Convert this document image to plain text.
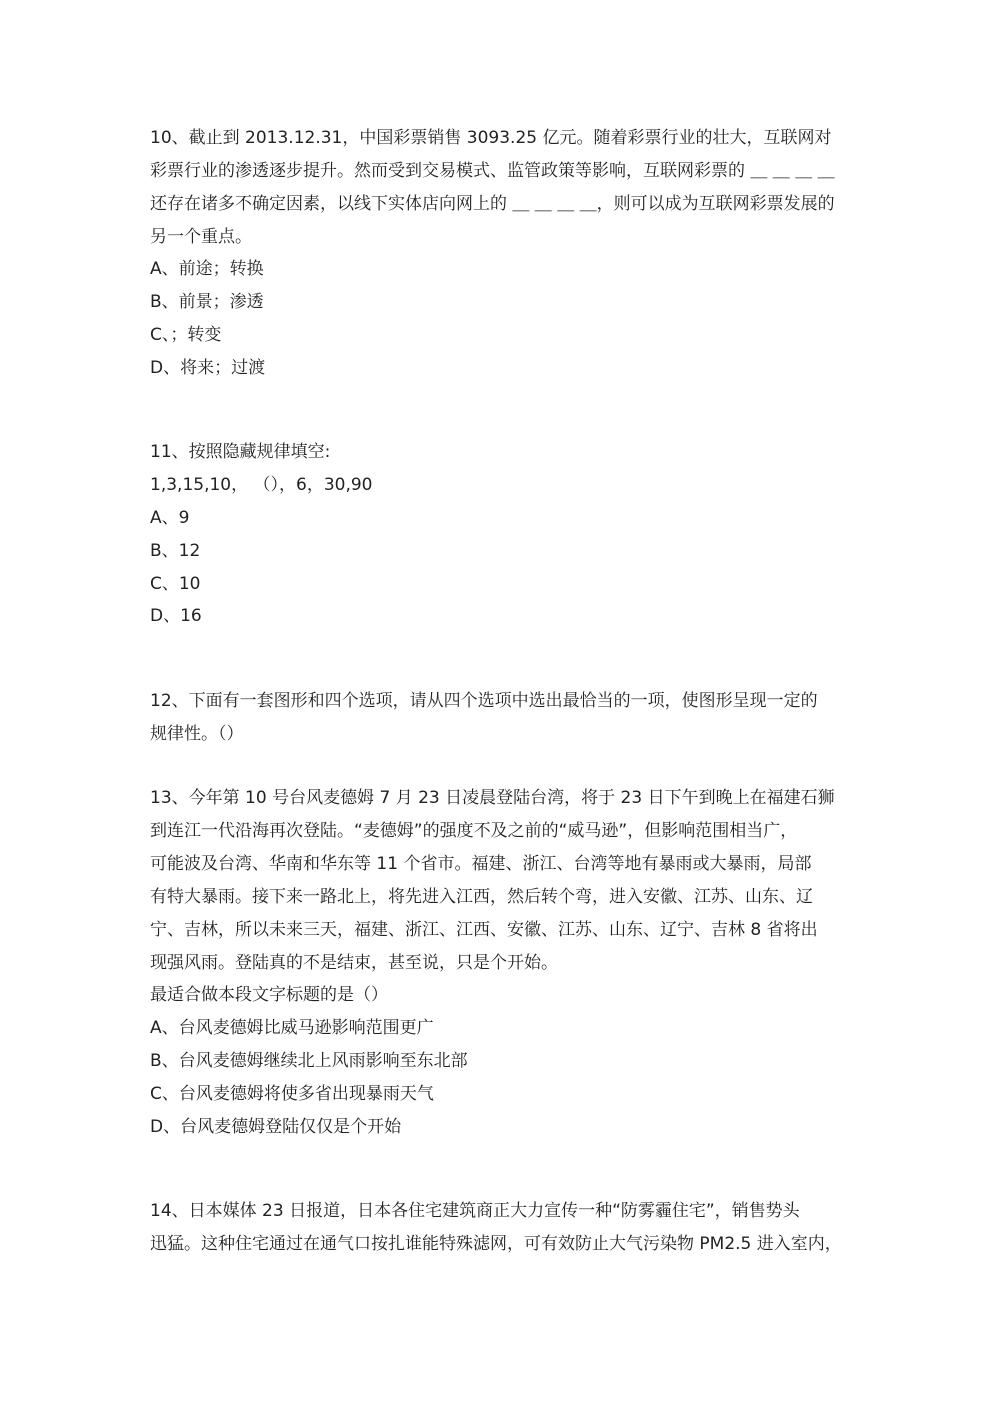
10、截止到 2013.12.31，中国彩票销售 3093.25 亿元。随着彩票行业的壮大，互联网对
彩票行业的渗透逐步提升。然而受到交易模式、监管政策等影响，互联网彩票的 ＿ ＿ ＿ ＿
还存在诸多不确定因素，以线下实体店向网上的 ＿ ＿ ＿ ＿，则可以成为互联网彩票发展的
另一个重点。
A、前途；转换
B、前景；渗透
C、；转变
D、将来；过渡
11、按照隐藏规律填空:
1,3,15,10， （），6，30,90
A、9
B、12
C、10
D、16
12、下面有一套图形和四个选项，请从四个选项中选出最恰当的一项，使图形呈现一定的
规律性。（）
13、今年第 10 号台风麦德姆 7 月 23 日凌晨登陆台湾，将于 23 日下午到晚上在福建石狮
到连江一代沿海再次登陆。“麦德姆”的强度不及之前的“威马逊”，但影响范围相当广，
可能波及台湾、华南和华东等 11 个省市。福建、浙江、台湾等地有暴雨或大暴雨，局部
有特大暴雨。接下来一路北上，将先进入江西，然后转个弯，进入安徽、江苏、山东、辽
宁、吉林，所以未来三天，福建、浙江、江西、安徽、江苏、山东、辽宁、吉林 8 省将出
现强风雨。登陆真的不是结束，甚至说，只是个开始。
最适合做本段文字标题的是（）
A、台风麦德姆比威马逊影响范围更广
B、台风麦德姆继续北上风雨影响至东北部
C、台风麦德姆将使多省出现暴雨天气
D、台风麦德姆登陆仅仅是个开始
14、日本媒体 23 日报道，日本各住宅建筑商正大力宣传一种“防雾霾住宅”，销售势头
迅猛。这种住宅通过在通气口按扎谁能特殊滤网，可有效防止大气污染物 PM2.5 进入室内，
